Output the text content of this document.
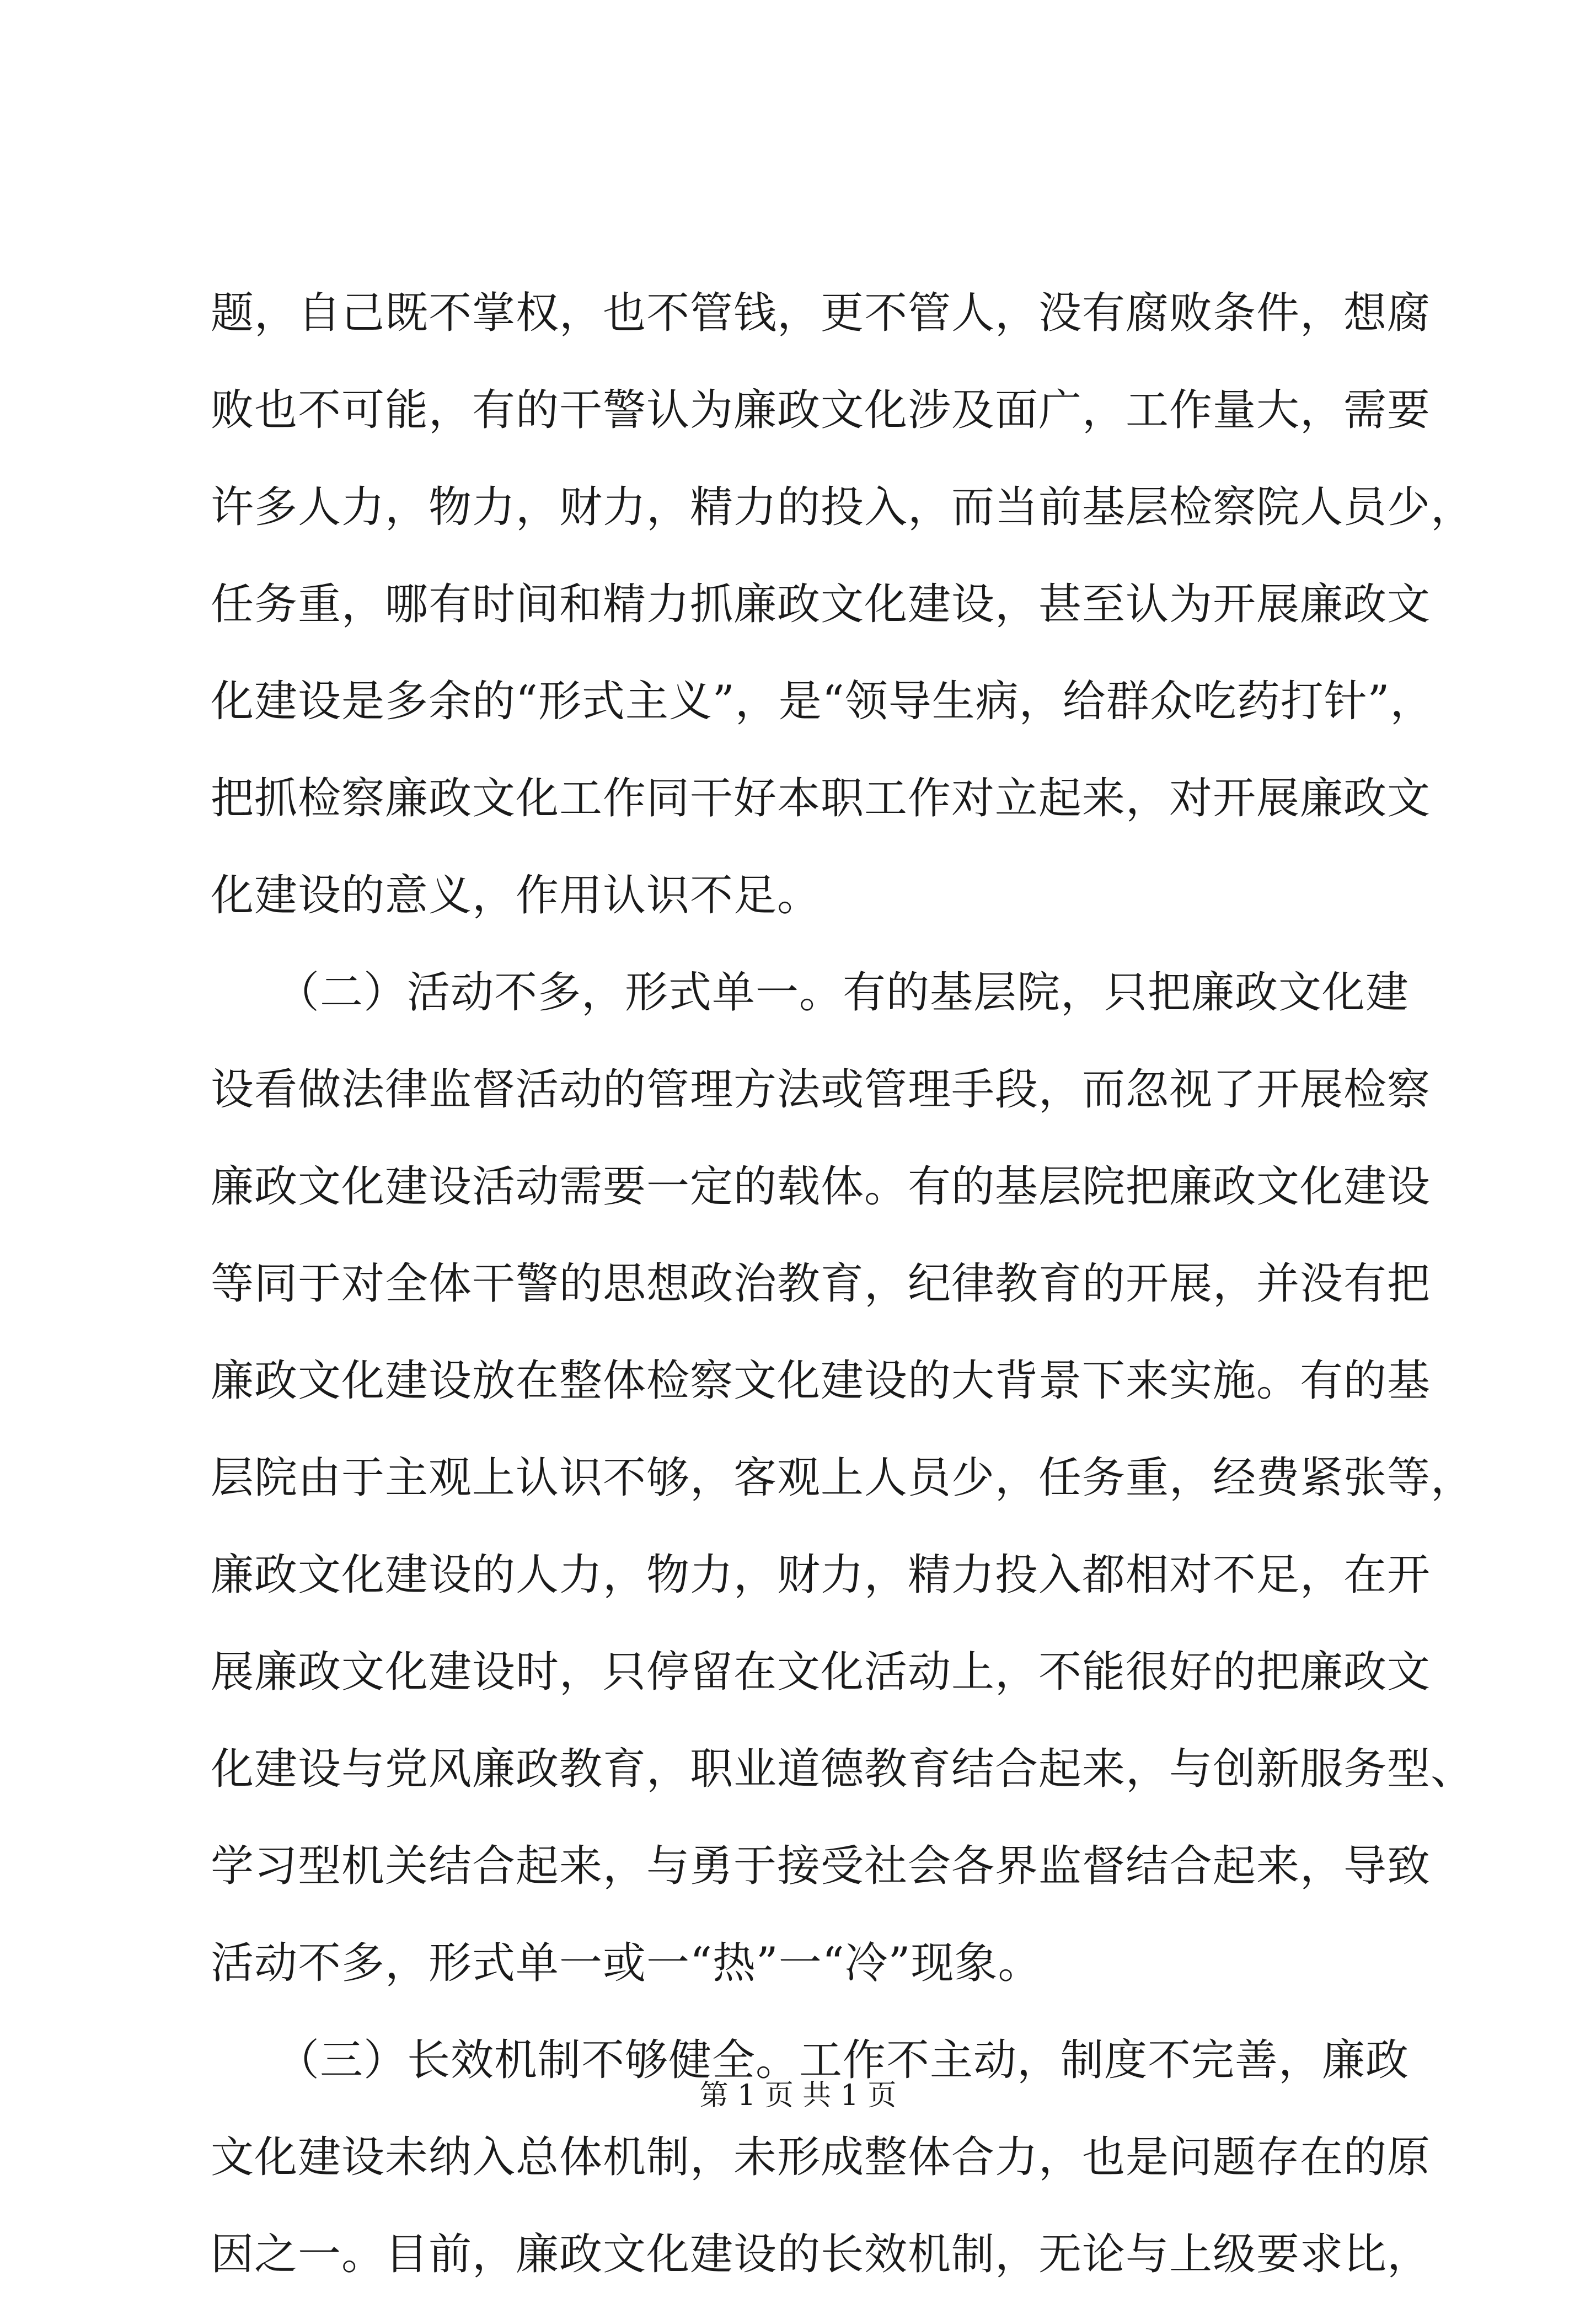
题，自己既不掌权，也不管钱，更不管人，没有腐败条件，想腐
败也不可能，有的干警认为廉政文化涉及面广，工作量大，需要
许多人力，物力，财力，精力的投入，而当前基层检察院人员少，
任务重，哪有时间和精力抓廉政文化建设，甚至认为开展廉政文
化建设是多余的“形式主义”，是“领导生病，给群众吃药打针”，
把抓检察廉政文化工作同干好本职工作对立起来，对开展廉政文
化建设的意义，作用认识不足。
　　（二）活动不多，形式单一。有的基层院，只把廉政文化建
设看做法律监督活动的管理方法或管理手段，而忽视了开展检察
廉政文化建设活动需要一定的载体。有的基层院把廉政文化建设
等同于对全体干警的思想政治教育，纪律教育的开展，并没有把
廉政文化建设放在整体检察文化建设的大背景下来实施。有的基
层院由于主观上认识不够，客观上人员少，任务重，经费紧张等，
廉政文化建设的人力，物力，财力，精力投入都相对不足，在开
展廉政文化建设时，只停留在文化活动上，不能很好的把廉政文
化建设与党风廉政教育，职业道德教育结合起来，与创新服务型、
学习型机关结合起来，与勇于接受社会各界监督结合起来，导致
活动不多，形式单一或一“热”一“冷”现象。
　　（三）长效机制不够健全。工作不主动，制度不完善，廉政
文化建设未纳入总体机制，未形成整体合力，也是问题存在的原
因之一。目前，廉政文化建设的长效机制，无论与上级要求比，
第 1 页 共 1 页
